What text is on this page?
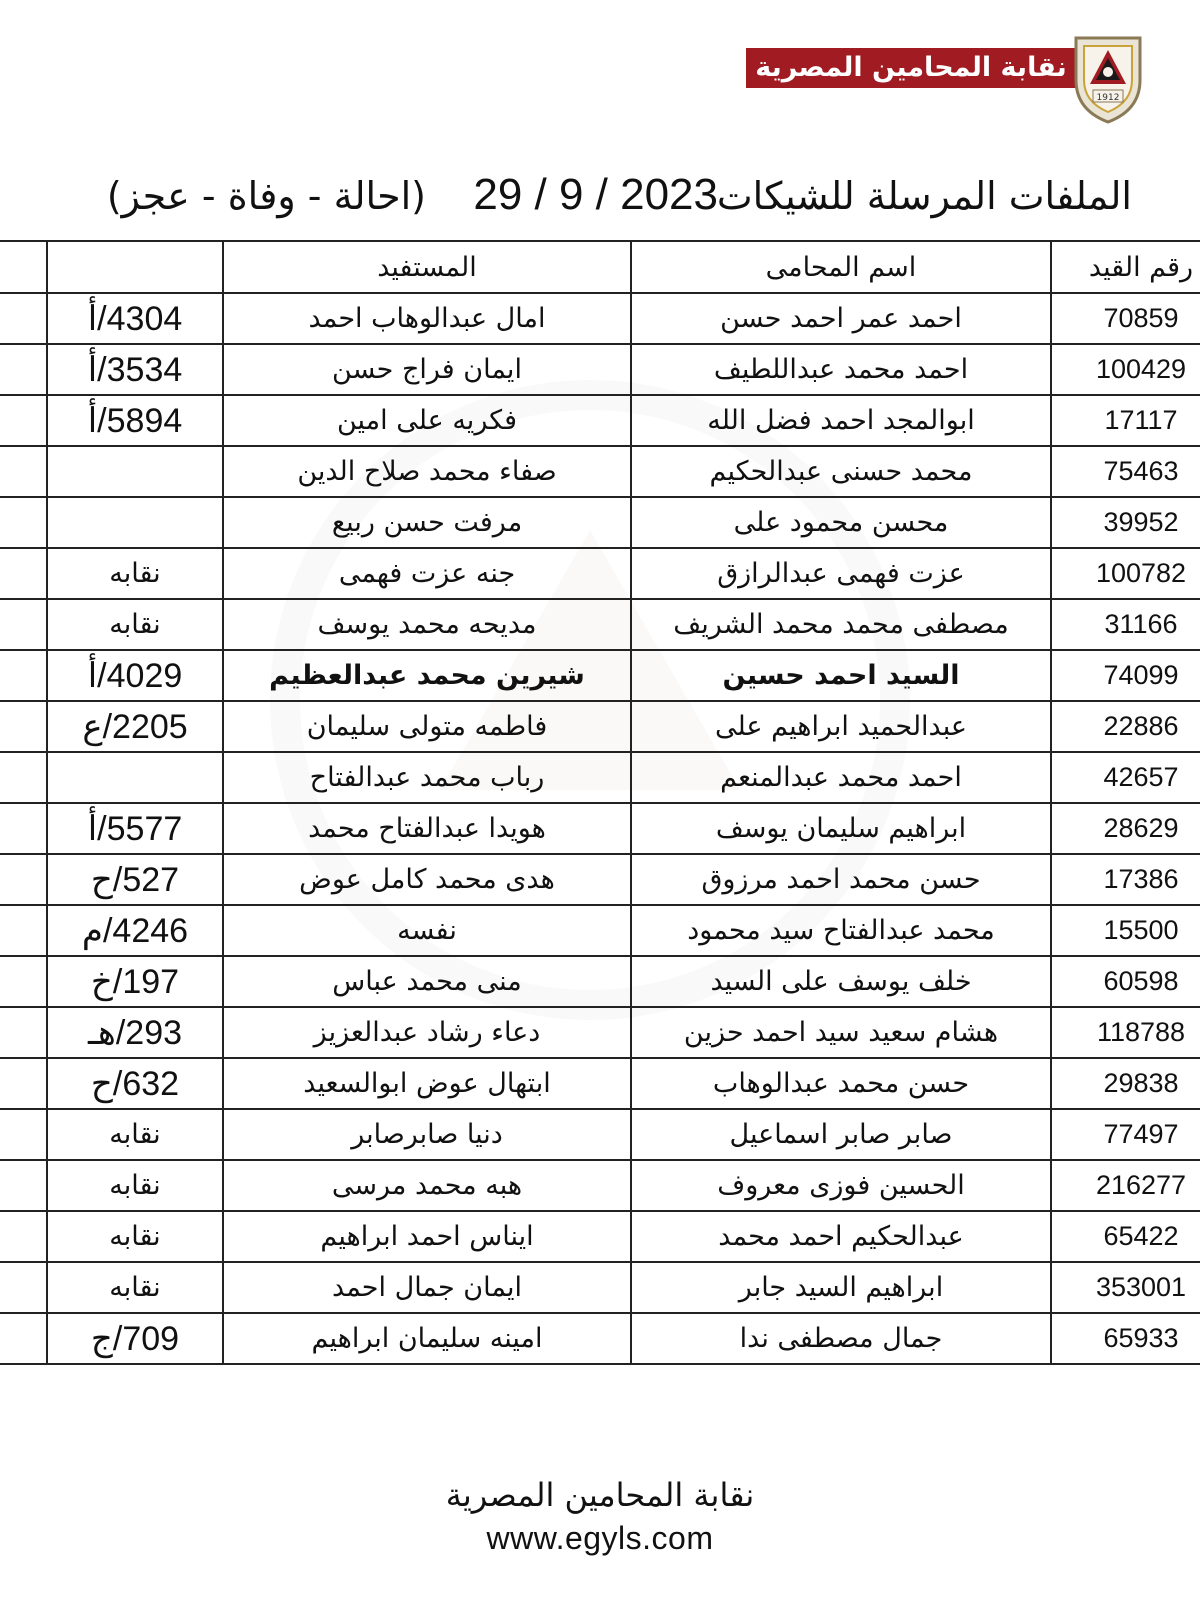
نقابة المحامين المصرية
1912
الملفات المرسلة للشيكات
29 / 9 / 2023
(احالة - وفاة - عجز)
رقم القيد	اسم المحامى	المستفيد		
70859	احمد عمر احمد حسن	امال عبدالوهاب احمد	4304/أ	
100429	احمد محمد عبداللطيف	ايمان فراج حسن	3534/أ	
17117	ابوالمجد احمد فضل الله	فكريه على امين	5894/أ	
75463	محمد حسنى عبدالحكيم	صفاء محمد صلاح الدين		
39952	محسن محمود على	مرفت حسن ربيع		
100782	عزت فهمى عبدالرازق	جنه عزت فهمى	نقابه	
31166	مصطفى محمد محمد الشريف	مديحه محمد يوسف	نقابه	
74099	السيد احمد حسين	شيرين محمد عبدالعظيم	4029/أ	
22886	عبدالحميد ابراهيم على	فاطمه متولى سليمان	2205/ع	
42657	احمد محمد عبدالمنعم	رباب محمد عبدالفتاح		
28629	ابراهيم سليمان يوسف	هويدا عبدالفتاح محمد	5577/أ	
17386	حسن محمد احمد مرزوق	هدى محمد كامل عوض	527/ح	
15500	محمد عبدالفتاح سيد محمود	نفسه	4246/م	
60598	خلف يوسف على السيد	منى محمد عباس	197/خ	
118788	هشام سعيد سيد احمد حزين	دعاء رشاد عبدالعزيز	293/هـ	
29838	حسن محمد عبدالوهاب	ابتهال عوض ابوالسعيد	632/ح	
77497	صابر صابر اسماعيل	دنيا صابرصابر	نقابه	
216277	الحسين فوزى معروف	هبه محمد مرسى	نقابه	
65422	عبدالحكيم احمد محمد	ايناس احمد ابراهيم	نقابه	
353001	ابراهيم السيد جابر	ايمان جمال احمد	نقابه	
65933	جمال مصطفى ندا	امينه سليمان ابراهيم	709/ج	
نقابة المحامين المصرية
www.egyls.com
